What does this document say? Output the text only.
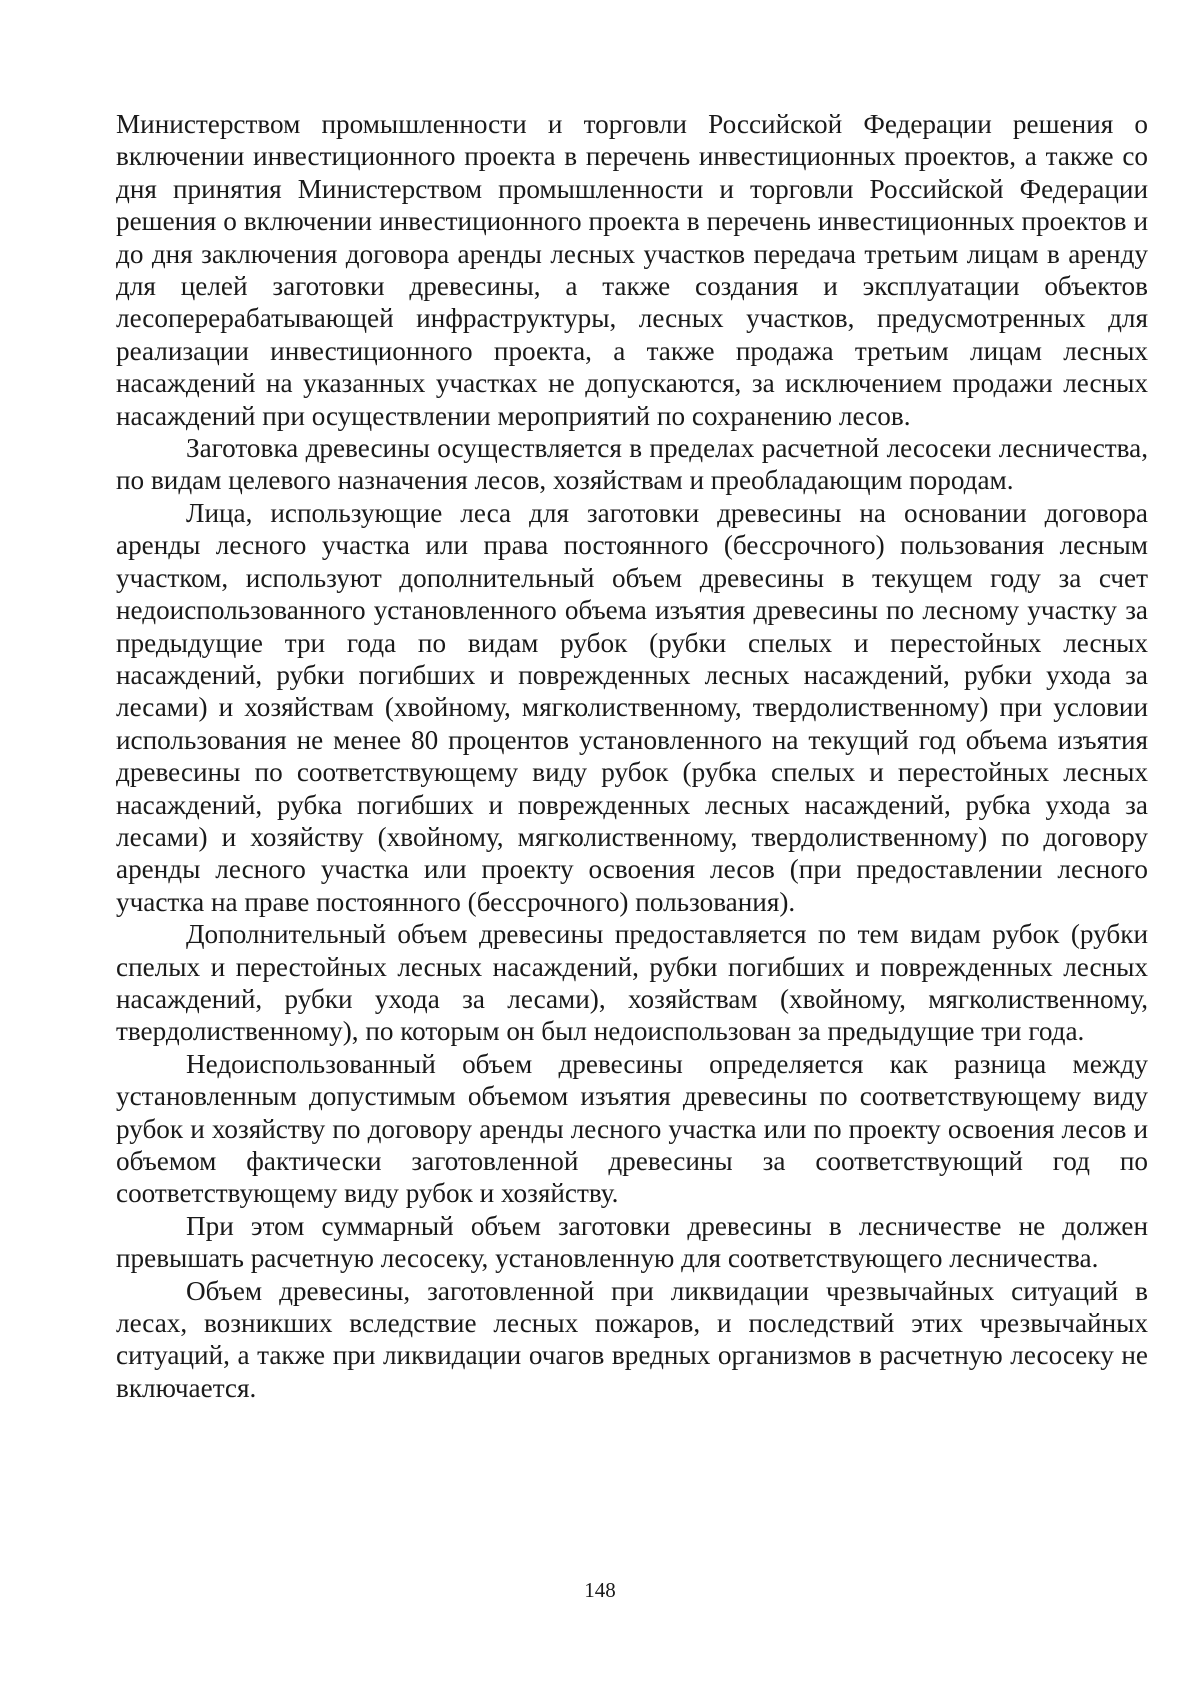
Министерством промышленности и торговли Российской Федерации решения о включении инвестиционного проекта в перечень инвестиционных проектов, а также со дня принятия Министерством промышленности и торговли Российской Федерации решения о включении инвестиционного проекта в перечень инвестиционных проектов и до дня заключения договора аренды лесных участков передача третьим лицам в аренду для целей заготовки древесины, а также создания и эксплуатации объектов лесоперерабатывающей инфраструктуры, лесных участков, предусмотренных для реализации инвестиционного проекта, а также продажа третьим лицам лесных насаждений на указанных участках не допускаются, за исключением продажи лесных насаждений при осуществлении мероприятий по сохранению лесов.

Заготовка древесины осуществляется в пределах расчетной лесосеки лесничества, по видам целевого назначения лесов, хозяйствам и преобладающим породам.

Лица, использующие леса для заготовки древесины на основании договора аренды лесного участка или права постоянного (бессрочного) пользования лесным участком, используют дополнительный объем древесины в текущем году за счет недоиспользованного установленного объема изъятия древесины по лесному участку за предыдущие три года по видам рубок (рубки спелых и перестойных лесных насаждений, рубки погибших и поврежденных лесных насаждений, рубки ухода за лесами) и хозяйствам (хвойному, мягколиственному, твердолиственному) при условии использования не менее 80 процентов установленного на текущий год объема изъятия древесины по соответствующему виду рубок (рубка спелых и перестойных лесных насаждений, рубка погибших и поврежденных лесных насаждений, рубка ухода за лесами) и хозяйству (хвойному, мягколиственному, твердолиственному) по договору аренды лесного участка или проекту освоения лесов (при предоставлении лесного участка на праве постоянного (бессрочного) пользования).

Дополнительный объем древесины предоставляется по тем видам рубок (рубки спелых и перестойных лесных насаждений, рубки погибших и поврежденных лесных насаждений, рубки ухода за лесами), хозяйствам (хвойному, мягколиственному, твердолиственному), по которым он был недоиспользован за предыдущие три года.

Недоиспользованный объем древесины определяется как разница между установленным допустимым объемом изъятия древесины по соответствующему виду рубок и хозяйству по договору аренды лесного участка или по проекту освоения лесов и объемом фактически заготовленной древесины за соответствующий год по соответствующему виду рубок и хозяйству.

При этом суммарный объем заготовки древесины в лесничестве не должен превышать расчетную лесосеку, установленную для соответствующего лесничества.

Объем древесины, заготовленной при ликвидации чрезвычайных ситуаций в лесах, возникших вследствие лесных пожаров, и последствий этих чрезвычайных ситуаций, а также при ликвидации очагов вредных организмов в расчетную лесосеку не включается.

148
